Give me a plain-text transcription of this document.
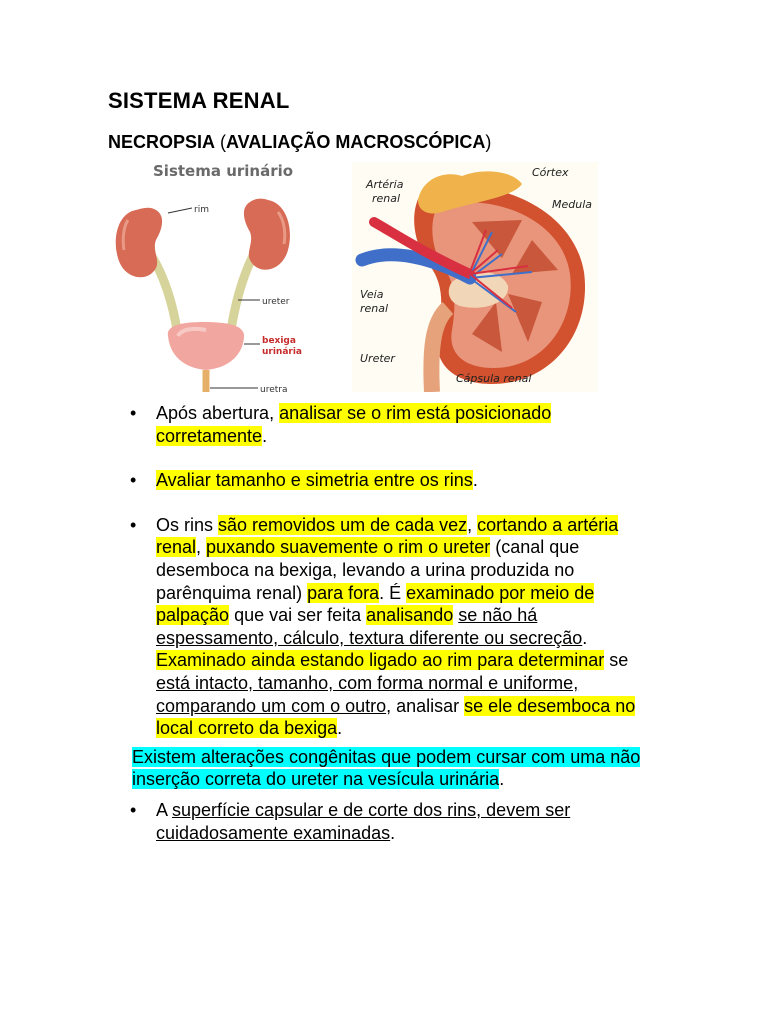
SISTEMA RENAL
NECROPSIA (AVALIAÇÃO MACROSCÓPICA)
Sistema urinário
rim
ureter
bexiga
urinária
uretra
Artéria
renal
Córtex
Medula
Veia
renal
Ureter
Cápsula renal
• Após abertura, analisar se o rim está posicionado corretamente.
• Avaliar tamanho e simetria entre os rins.
• Os rins são removidos um de cada vez, cortando a artéria renal, puxando suavemente o rim o ureter (canal que desemboca na bexiga, levando a urina produzida no parênquima renal) para fora. É examinado por meio de palpação que vai ser feita analisando se não há espessamento, cálculo, textura diferente ou secreção. Examinado ainda estando ligado ao rim para determinar se está intacto, tamanho, com forma normal e uniforme, comparando um com o outro, analisar se ele desemboca no local correto da bexiga.

Existem alterações congênitas que podem cursar com uma não inserção correta do ureter na vesícula urinária.

• A superfície capsular e de corte dos rins, devem ser cuidadosamente examinadas.
